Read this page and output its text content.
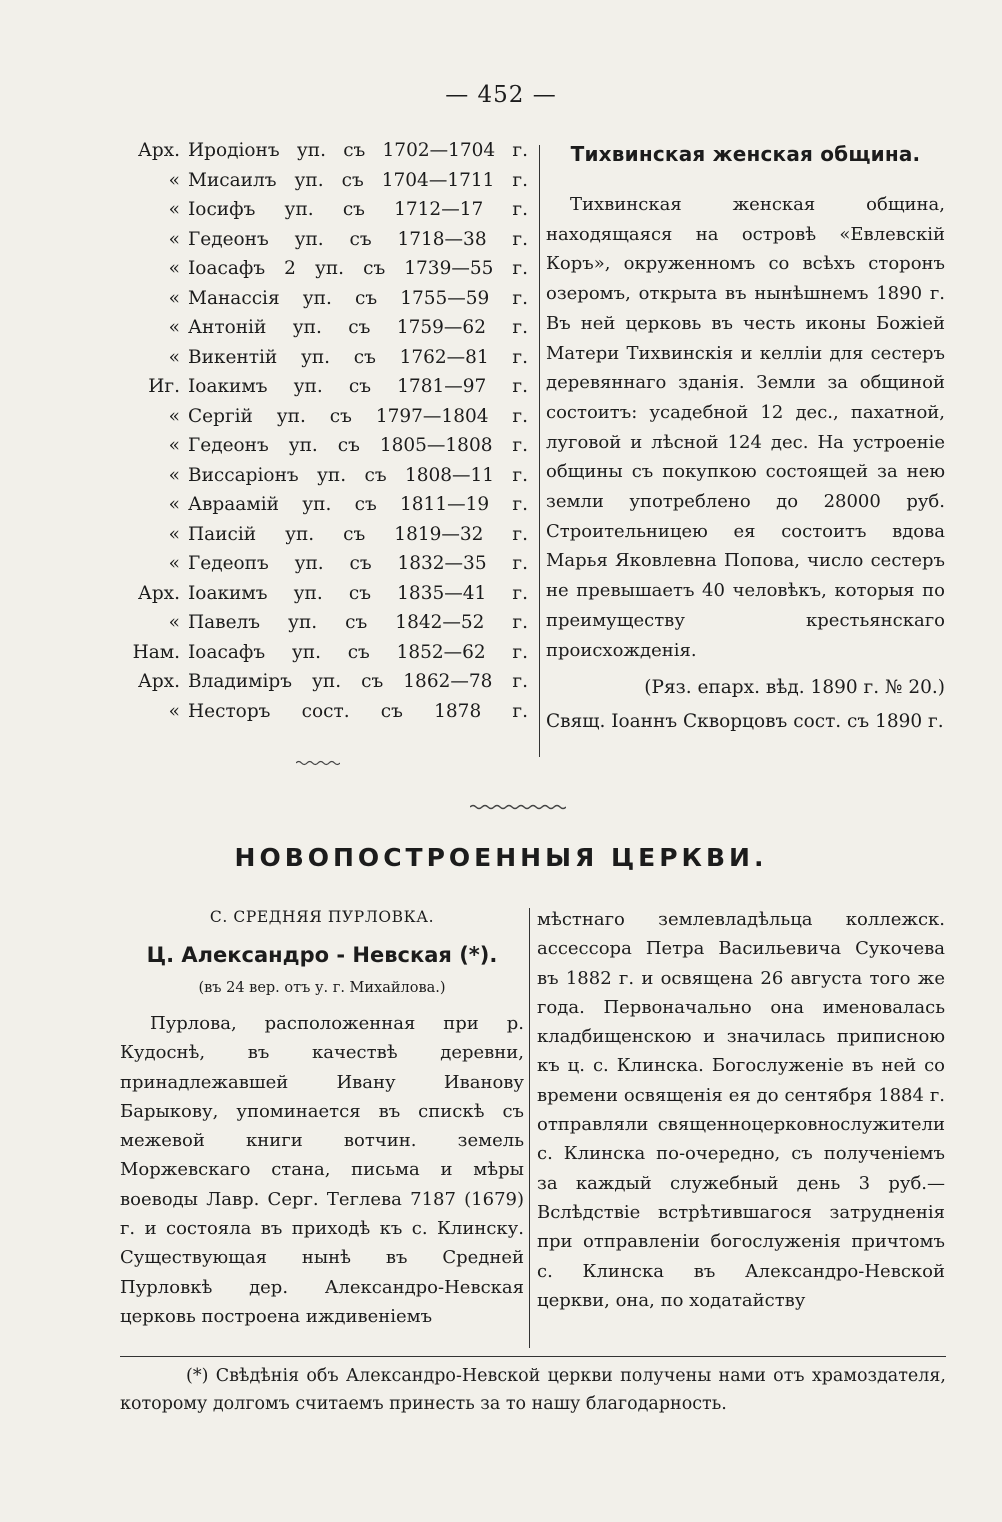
— 452 —
Арх. Иродіонъ уп. съ 1702—1704 г.
« Мисаилъ уп. съ 1704—1711 г.
« Іосифъ уп. съ 1712—17 г.
« Гедеонъ уп. съ 1718—38 г.
« Іоасафъ 2 уп. съ 1739—55 г.
« Манассія уп. съ 1755—59 г.
« Антоній уп. съ 1759—62 г.
« Викентій уп. съ 1762—81 г.
Иг. Іоакимъ уп. съ 1781—97 г.
« Сергій уп. съ 1797—1804 г.
« Гедеонъ уп. съ 1805—1808 г.
« Виссаріонъ уп. съ 1808—11 г.
« Авраамій уп. съ 1811—19 г.
« Паисій уп. съ 1819—32 г.
« Гедеопъ уп. съ 1832—35 г.
Арх. Іоакимъ уп. съ 1835—41 г.
« Павелъ уп. съ 1842—52 г.
Нам. Іоасафъ уп. съ 1852—62 г.
Арх. Владиміръ уп. съ 1862—78 г.
« Несторъ сост. съ 1878 г.
Тихвинская женская община.

Тихвинская женская община, находящаяся на островѣ «Евлевскій Коръ», окруженномъ со всѣхъ сторонъ озеромъ, открыта въ нынѣшнемъ 1890 г. Въ ней церковь въ честь иконы Божіей Матери Тихвинскія и келліи для сестеръ деревяннаго зданія. Земли за общиной состоитъ: усадебной 12 дес., пахатной, луговой и лѣсной 124 дес. На устроеніе общины съ покупкою состоящей за нею земли употреблено до 28000 руб. Строительницею ея состоитъ вдова Марья Яковлевна Попова, число сестеръ не превышаетъ 40 человѣкъ, которыя по преимуществу крестьянскаго происхожденія.

(Ряз. епарх. вѣд. 1890 г. № 20.)

Свящ. Іоаннъ Скворцовъ сост. съ 1890 г.

НОВОПОСТРОЕННЫЯ ЦЕРКВИ.

С. СРЕДНЯЯ ПУРЛОВКА.

Ц. Александро - Невская (*).

(въ 24 вер. отъ у. г. Михайлова.)

Пурлова, расположенная при р. Кудоснѣ, въ качествѣ деревни, принадлежавшей Ивану Иванову Барыкову, упоминается въ спискѣ съ межевой книги вотчин. земель Моржевскаго стана, письма и мѣры воеводы Лавр. Серг. Теглева 7187 (1679) г. и состояла въ приходѣ къ с. Клинску. Существующая нынѣ въ Средней Пурловкѣ дер. Александро-Невская церковь построена иждивеніемъ

мѣстнаго землевладѣльца коллежск. ассессора Петра Васильевича Сукочева въ 1882 г. и освящена 26 августа того же года. Первоначально она именовалась кладбищенскою и значилась приписною къ ц. с. Клинска. Богослуженіе въ ней со времени освященія ея до сентября 1884 г. отправляли священноцерковнослужители с. Клинска по-очередно, съ полученіемъ за каждый служебный день 3 руб.—Вслѣдствіе встрѣтившагося затрудненія при отправленіи богослуженія причтомъ с. Клинска въ Александро-Невской церкви, она, по ходатайству

(*) Свѣдѣнія объ Александро-Невской церкви получены нами отъ храмоздателя, которому долгомъ считаемъ принесть за то нашу благодарность.
